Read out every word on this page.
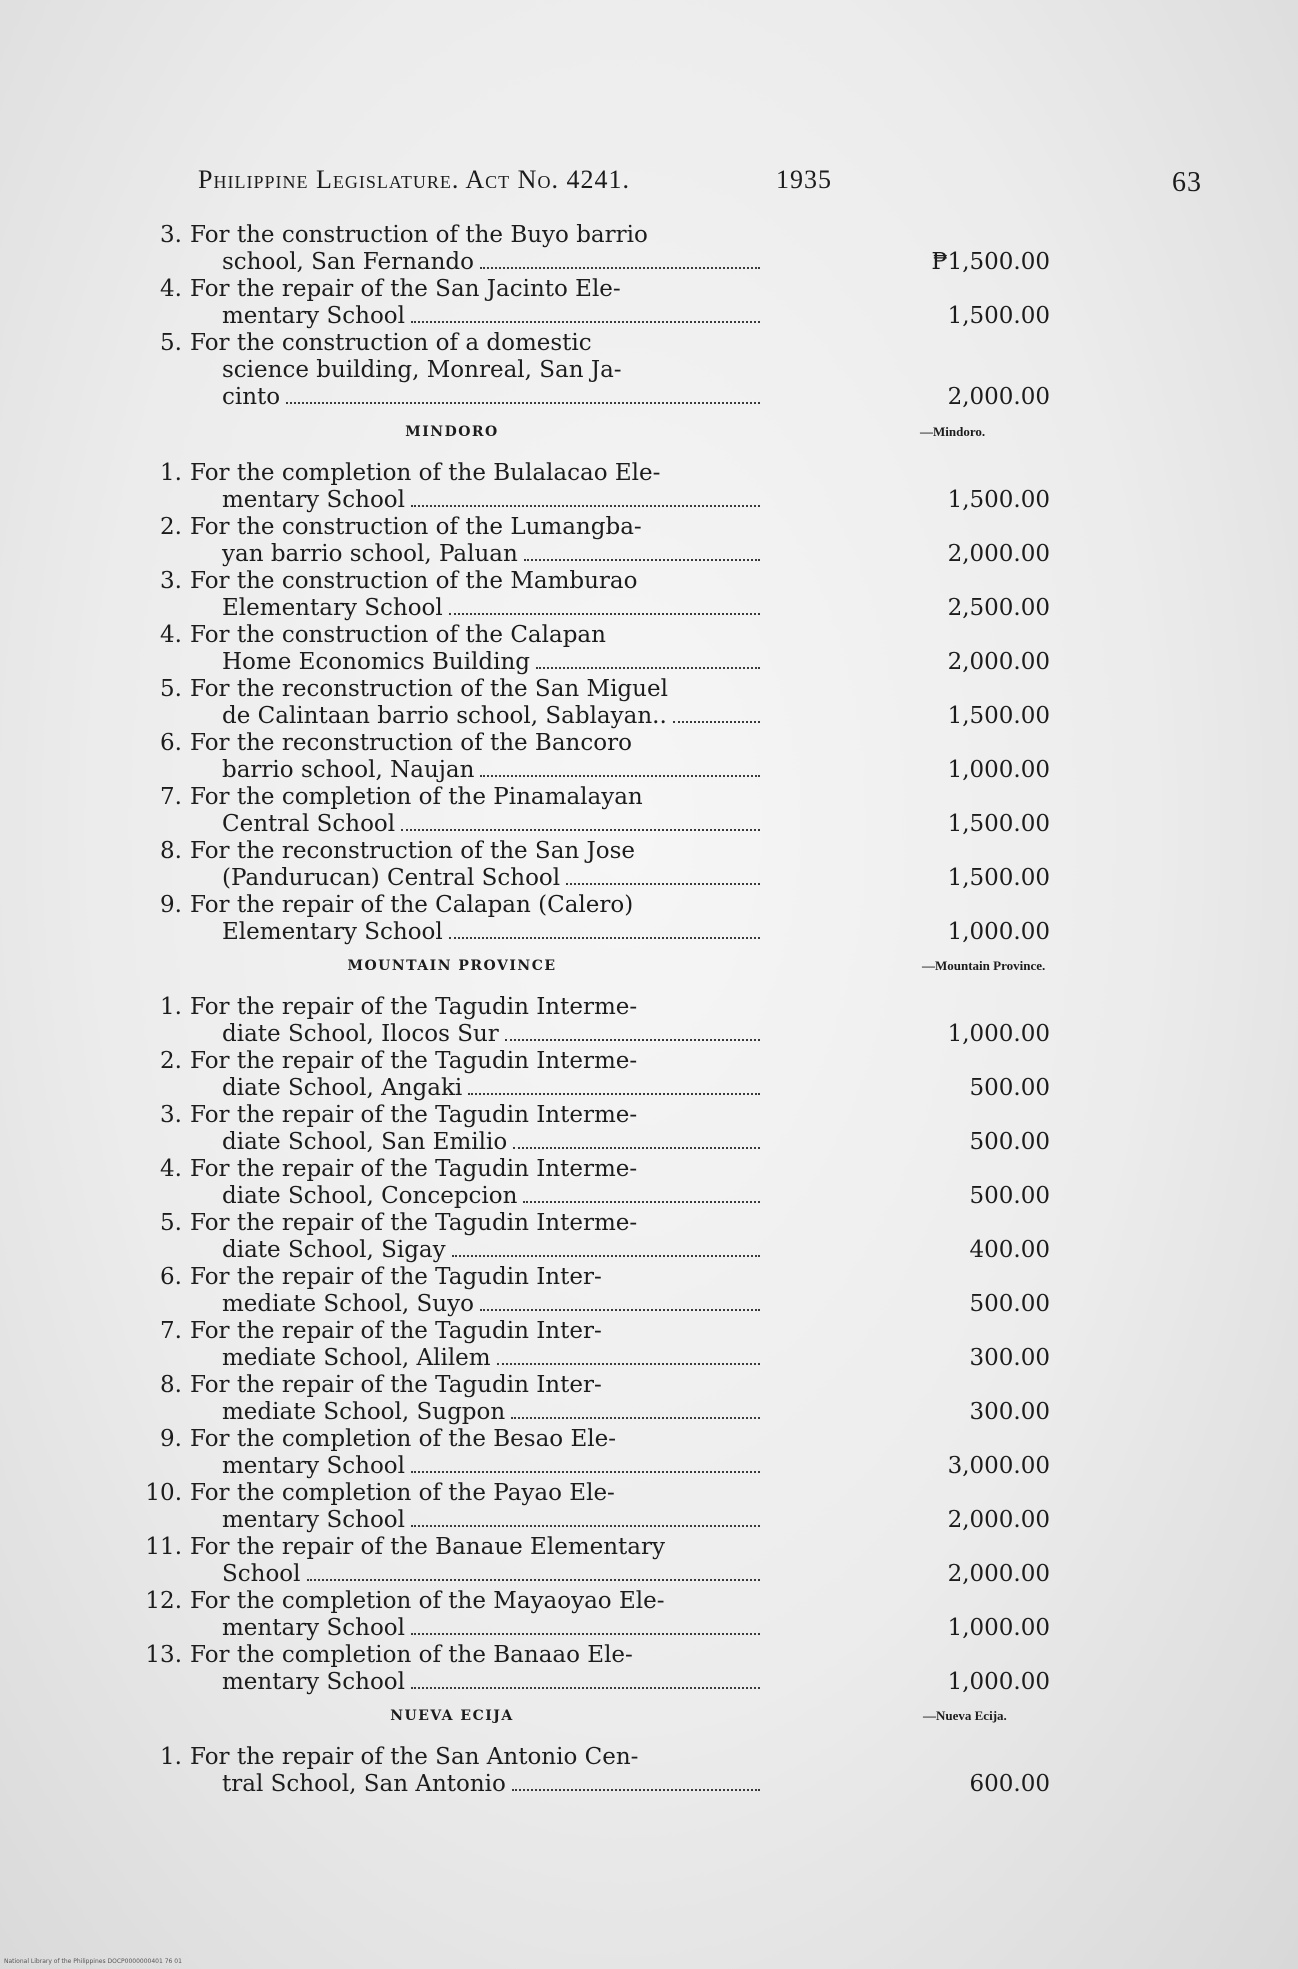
Philippine Legislature. Act No. 4241.	1935	63
3. For the construction of the Buyo barrio
school, San Fernando	₱1,500.00
4. For the repair of the San Jacinto Ele-
mentary School	1,500.00
5. For the construction of a domestic
science building, Monreal, San Ja-
cinto	2,000.00
MINDORO	—Mindoro.
1. For the completion of the Bulalacao Ele-
mentary School	1,500.00
2. For the construction of the Lumangba-
yan barrio school, Paluan	2,000.00
3. For the construction of the Mamburao
Elementary School	2,500.00
4. For the construction of the Calapan
Home Economics Building	2,000.00
5. For the reconstruction of the San Miguel
de Calintaan barrio school, Sablayan..	1,500.00
6. For the reconstruction of the Bancoro
barrio school, Naujan	1,000.00
7. For the completion of the Pinamalayan
Central School	1,500.00
8. For the reconstruction of the San Jose
(Pandurucan) Central School	1,500.00
9. For the repair of the Calapan (Calero)
Elementary School	1,000.00
MOUNTAIN PROVINCE	—Mountain Province.
1. For the repair of the Tagudin Interme-
diate School, Ilocos Sur	1,000.00
2. For the repair of the Tagudin Interme-
diate School, Angaki	500.00
3. For the repair of the Tagudin Interme-
diate School, San Emilio	500.00
4. For the repair of the Tagudin Interme-
diate School, Concepcion	500.00
5. For the repair of the Tagudin Interme-
diate School, Sigay	400.00
6. For the repair of the Tagudin Inter-
mediate School, Suyo	500.00
7. For the repair of the Tagudin Inter-
mediate School, Alilem	300.00
8. For the repair of the Tagudin Inter-
mediate School, Sugpon	300.00
9. For the completion of the Besao Ele-
mentary School	3,000.00
10. For the completion of the Payao Ele-
mentary School	2,000.00
11. For the repair of the Banaue Elementary
School	2,000.00
12. For the completion of the Mayaoyao Ele-
mentary School	1,000.00
13. For the completion of the Banaao Ele-
mentary School	1,000.00
NUEVA ECIJA	—Nueva Ecija.
1. For the repair of the San Antonio Cen-
tral School, San Antonio	600.00
National Library of the Philippines DOCP0000000401 76 01
